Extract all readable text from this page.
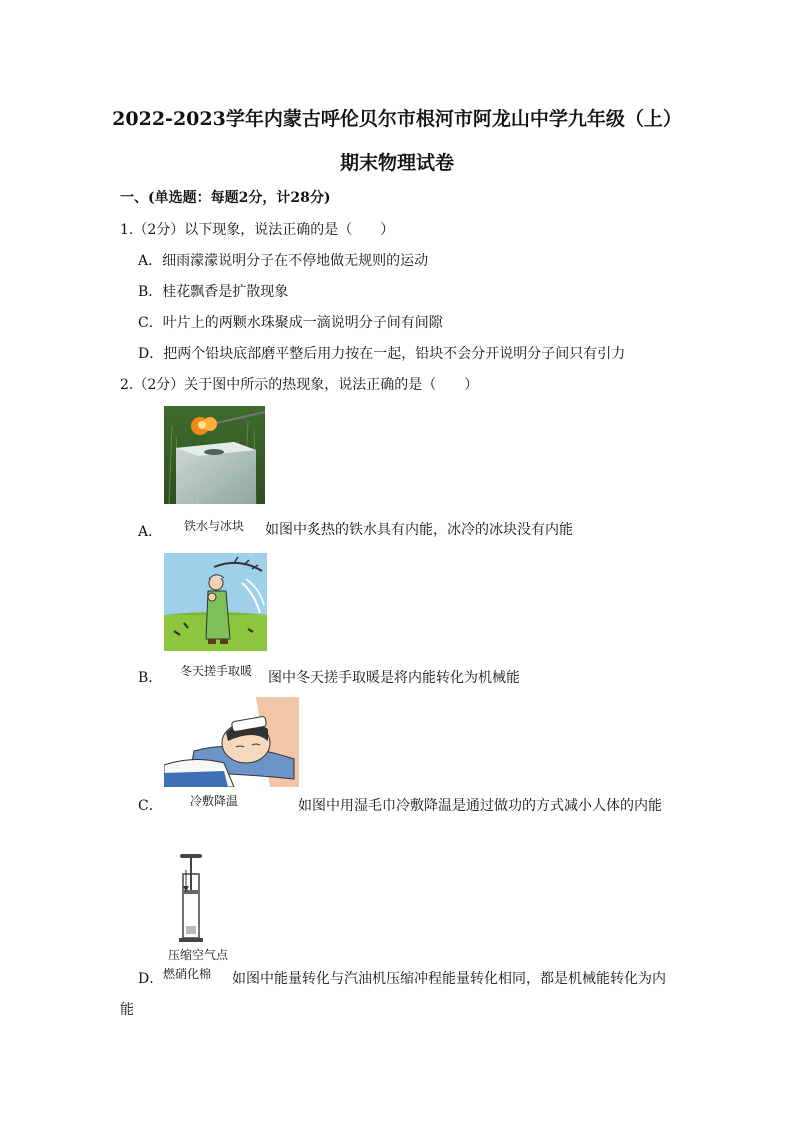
2022-2023学年内蒙古呼伦贝尔市根河市阿龙山中学九年级（上）
期末物理试卷
一、(单选题：每题2分，计28分)
1.（2分）以下现象，说法正确的是（　　）
A．细雨濛濛说明分子在不停地做无规则的运动
B．桂花飘香是扩散现象
C．叶片上的两颗水珠聚成一滴说明分子间有间隙
D．把两个铅块底部磨平整后用力按在一起，铅块不会分开说明分子间只有引力
2.（2分）关于图中所示的热现象，说法正确的是（　　）
A． 铁水与冰块 如图中炙热的铁水具有内能，冰冷的冰块没有内能
B． 冬天搓手取暖 图中冬天搓手取暖是将内能转化为机械能
C． 冷敷降温	如图中用湿毛巾冷敷降温是通过做功的方式减小人体的内能
压缩空气点
D． 燃硝化棉 如图中能量转化与汽油机压缩冲程能量转化相同，都是机械能转化为内
能
